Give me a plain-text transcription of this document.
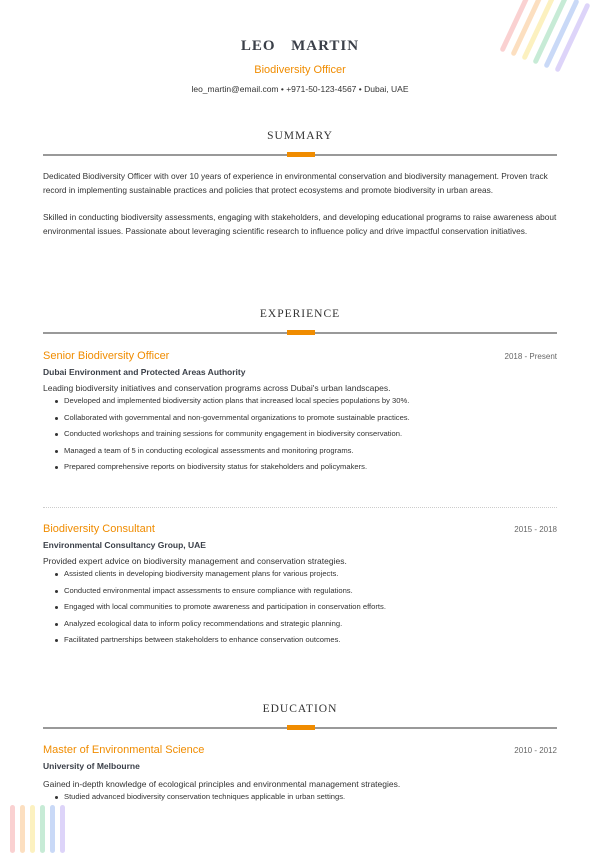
LEO  MARTIN
Biodiversity Officer
leo_martin@email.com • +971-50-123-4567 • Dubai, UAE
SUMMARY

Dedicated Biodiversity Officer with over 10 years of experience in environmental conservation and biodiversity management. Proven track record in implementing sustainable practices and policies that protect ecosystems and promote biodiversity in urban areas.

Skilled in conducting biodiversity assessments, engaging with stakeholders, and developing educational programs to raise awareness about environmental issues. Passionate about leveraging scientific research to influence policy and drive impactful conservation initiatives.

EXPERIENCE
Senior Biodiversity Officer	2018 - Present
Dubai Environment and Protected Areas Authority
Leading biodiversity initiatives and conservation programs across Dubai's urban landscapes.
Developed and implemented biodiversity action plans that increased local species populations by 30%.
Collaborated with governmental and non-governmental organizations to promote sustainable practices.
Conducted workshops and training sessions for community engagement in biodiversity conservation.
Managed a team of 5 in conducting ecological assessments and monitoring programs.
Prepared comprehensive reports on biodiversity status for stakeholders and policymakers.
Biodiversity Consultant	2015 - 2018
Environmental Consultancy Group, UAE
Provided expert advice on biodiversity management and conservation strategies.
Assisted clients in developing biodiversity management plans for various projects.
Conducted environmental impact assessments to ensure compliance with regulations.
Engaged with local communities to promote awareness and participation in conservation efforts.
Analyzed ecological data to inform policy recommendations and strategic planning.
Facilitated partnerships between stakeholders to enhance conservation outcomes.
EDUCATION
Master of Environmental Science	2010 - 2012
University of Melbourne
Gained in-depth knowledge of ecological principles and environmental management strategies.
Studied advanced biodiversity conservation techniques applicable in urban settings.
